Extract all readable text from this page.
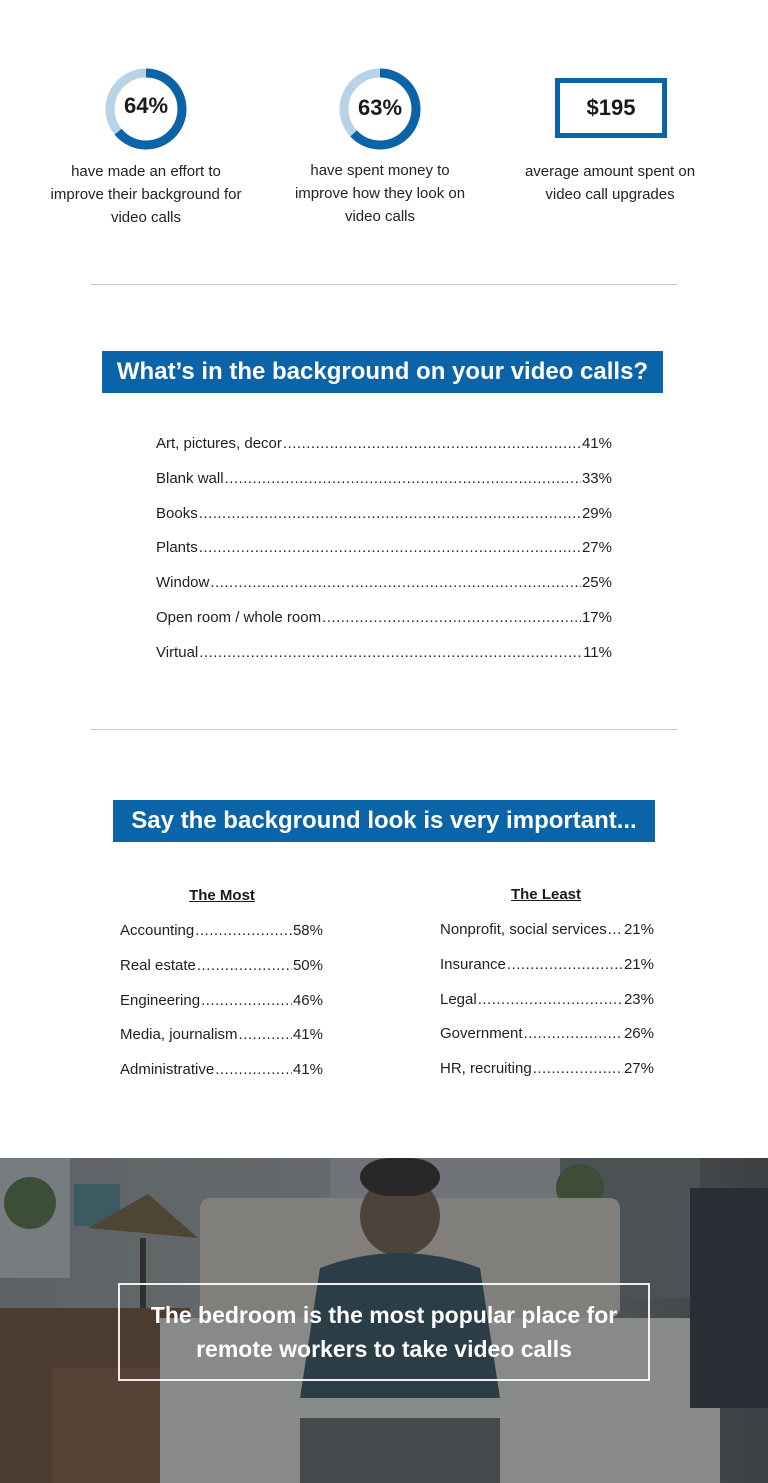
64%
have made an effort to
improve their background for
video calls
63%
have spent money to
improve how they look on
video calls
$195
average amount spent on
video call upgrades
What’s in the background on your video calls?
Art, pictures, decor .....	41%
Blank wall .....	33%
Books .....	29%
Plants .....	27%
Window .....	25%
Open room / whole room .....	17%
Virtual .....	11%
Say the background look is very important...
The Most	The Least
Accounting .....	58%
Real estate .....	50%
Engineering .....	46%
Media, journalism .....	41%
Administrative .....	41%
Nonprofit, social services ..... 21%
Insurance .....	21%
Legal .....	23%
Government .....	26%
HR, recruiting .....	27%
The bedroom is the most popular place for
remote workers to take video calls
